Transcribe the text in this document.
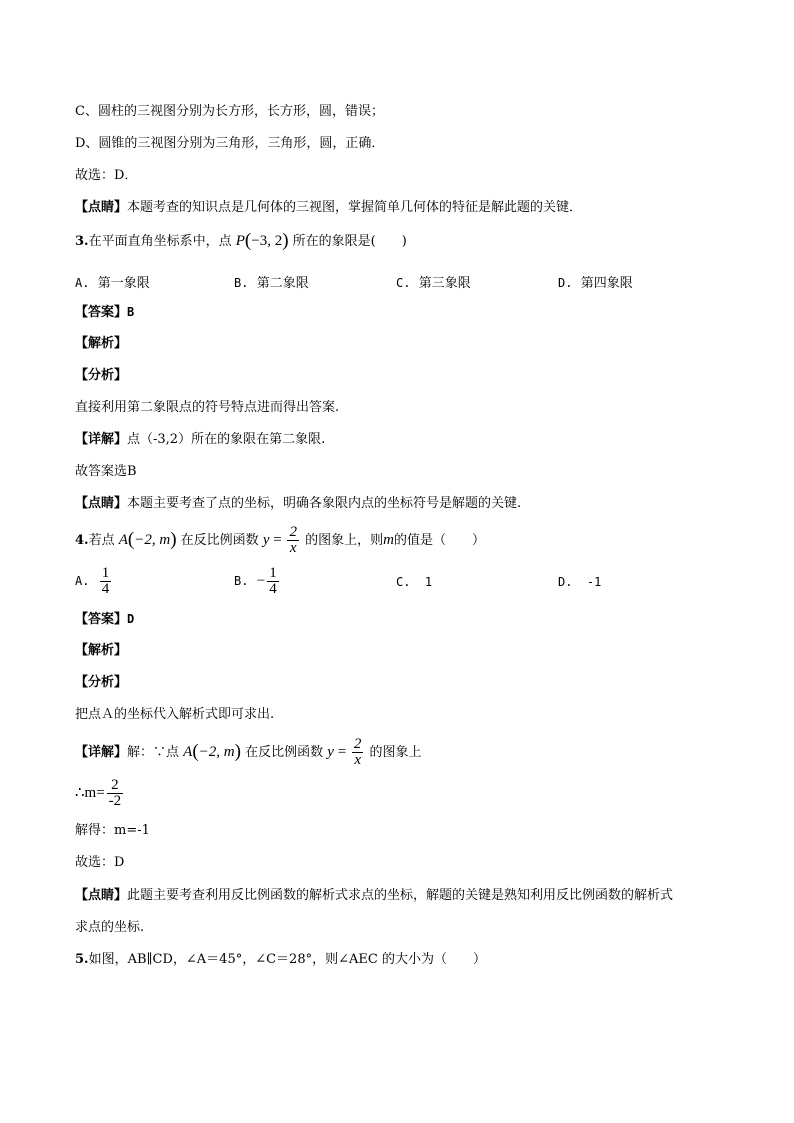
C、圆柱的三视图分别为长方形，长方形，圆，错误；
D、圆锥的三视图分别为三角形，三角形，圆，正确．
故选：D．
【点睛】本题考查的知识点是几何体的三视图，掌握简单几何体的特征是解此题的关键．
3.在平面直角坐标系中，点 P(−3, 2) 所在的象限是(　　)
A. 第一象限	B. 第二象限	C. 第三象限	D. 第四象限
【答案】B
【解析】
【分析】
直接利用第二象限点的符号特点进而得出答案.
【详解】点（-3,2）所在的象限在第二象限.
故答案选B
【点睛】本题主要考查了点的坐标，明确各象限内点的坐标符号是解题的关键.
4.若点 A(−2, m) 在反比例函数 $y = \frac{2}{x}$ 的图象上，则m的值是（　　）
A. $\frac{1}{4}$	B. − $\frac{1}{4}$	C. 1	D. -1
【答案】D
【解析】
【分析】
把点Ａ的坐标代入解析式即可求出.
【详解】解：∵点 A(−2, m) 在反比例函数 $y = \frac{2}{x}$ 的图象上
∴m= $\frac{2}{-2}$
解得：m=-1
故选：D
【点睛】此题主要考查利用反比例函数的解析式求点的坐标，解题的关键是熟知利用反比例函数的解析式
求点的坐标.
5.如图，AB∥CD，∠A＝45°，∠C＝28°，则∠AEC 的大小为（　　）
